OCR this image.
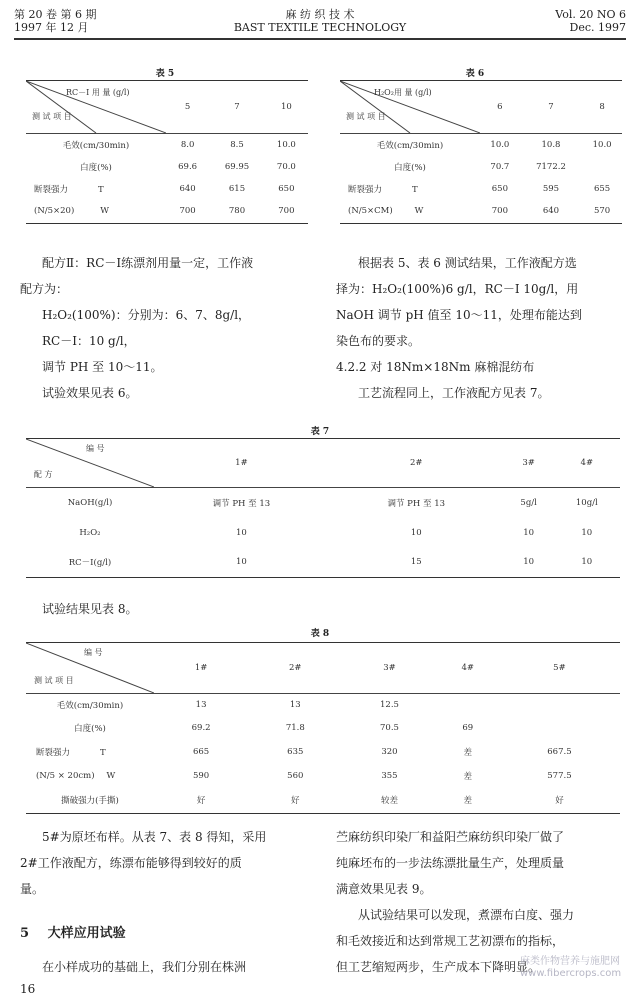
第 20 卷 第 6 期
1997 年 12 月
麻 纺 织 技 术
BAST TEXTILE TECHNOLOGY
Vol. 20 NO 6
Dec. 1997
表 5
RC－Ⅰ 用 量 (g/l)
测 试 项 目	5	7	10
毛效(cm/30min)	8.0	8.5	10.0
白度(%)	69.6	69.95	70.0
断裂强力 T	640	615	650
(N/5×20) W	700	780	700
表 6
H₂O₂用 量 (g/l)
测 试 项 目	6	7	8
毛效(cm/30min)	10.0	10.8	10.0
白度(%)	70.7	7172.2	
断裂强力 T	650	595	655
(N/5×CM) W	700	640	570
配方Ⅱ：RC－Ⅰ练漂剂用量一定，工作液
配方为：
H₂O₂(100%)：分别为：6、7、8g/l，
RC－Ⅰ：10 g/l，
调节 PH 至 10～11。
试验效果见表 6。
根据表 5、表 6 测试结果，工作液配方选
择为：H₂O₂(100%)6 g/l，RC－Ⅰ 10g/l，用
NaOH 调节 pH 值至 10～11，处理布能达到
染色布的要求。
4.2.2 对 18Nm×18Nm 麻棉混纺布
工艺流程同上，工作液配方见表 7。
表 7
编 号
配 方	1#	2#	3#	4#
NaOH(g/l)	调节 PH 至 13	调节 PH 至 13	5g/l	10g/l
H₂O₂	10	10	10	10
RC－Ⅰ(g/l)	10	15	10	10
试验结果见表 8。
表 8
编 号
测 试 项 目	1#	2#	3#	4#	5#
毛效(cm/30min)	13	13	12.5		
白度(%)	69.2	71.8	70.5	69	
断裂强力 T	665	635	320	差	667.5
(N/5 × 20cm) W	590	560	355	差	577.5
撕破强力(手撕)	好	好	较差	差	好
5#为原坯布样。从表 7、表 8 得知，采用
2#工作液配方，练漂布能够得到较好的质
量。
5 大样应用试验
在小样成功的基础上，我们分别在株洲
苎麻纺织印染厂和益阳苎麻纺织印染厂做了
纯麻坯布的一步法练漂批量生产，处理质量
满意效果见表 9。
从试验结果可以发现，煮漂布白度、强力
和毛效接近和达到常规工艺初漂布的指标，
但工艺缩短两步，生产成本下降明显。
16
麻类作物营养与施肥网
www.fibercrops.com
